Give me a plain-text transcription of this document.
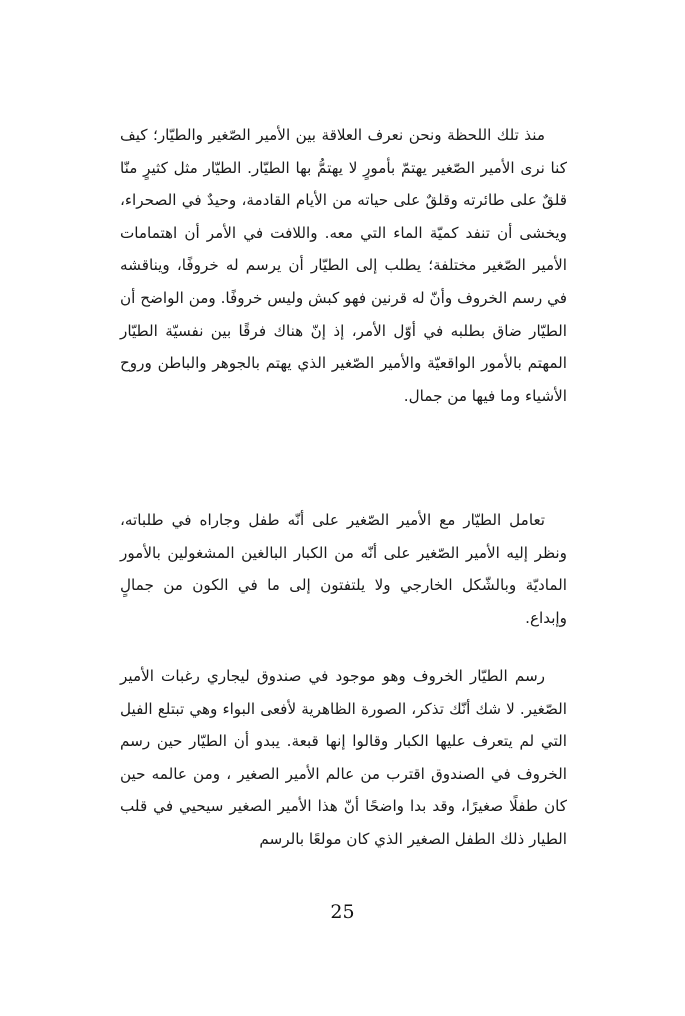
منذ تلك اللحظة ونحن نعرف العلاقة بين الأمير الصّغير والطيّار؛ كيف كنا نرى الأمير الصّغير يهتمّ بأمورٍ لا يهتمُّ بها الطيّار. الطيّار مثل كثيرٍ منّا قلقٌ على طائرته وقلقٌ على حياته من الأيام القادمة، وحيدٌ في الصحراء، ويخشى أن تنفد كميّة الماء التي معه. واللافت في الأمر أن اهتمامات الأمير الصّغير مختلفة؛ يطلب إلى الطيّار أن يرسم له خروفًا، ويناقشه في رسم الخروف وأنّ له قرنين فهو كبش وليس خروفًا. ومن الواضح أن الطيّار ضاق بطلبه في أوّل الأمر، إذ إنّ هناك فرقًا بين نفسيّة الطيّار المهتم بالأمور الواقعيّة والأمير الصّغير الذي يهتم بالجوهر والباطن وروح الأشياء وما فيها من جمال.

تعامل الطيّار مع الأمير الصّغير على أنّه طفل وجاراه في طلباته، ونظر إليه الأمير الصّغير على أنّه من الكبار البالغين المشغولين بالأمور الماديّة وبالشّكل الخارجي ولا يلتفتون إلى ما في الكون من جمالٍ وإبداع.

رسم الطيّار الخروف وهو موجود في صندوق ليجاري رغبات الأمير الصّغير. لا شك أنّك تذكر، الصورة الظاهرية لأفعى البواء وهي تبتلع الفيل التي لم يتعرف عليها الكبار وقالوا إنها قبعة. يبدو أن الطيّار حين رسم الخروف في الصندوق اقترب من عالم الأمير الصغير ، ومن عالمه حين كان طفلًا صغيرًا، وقد بدا واضحًا أنّ هذا الأمير الصغير سيحيي في قلب الطيار ذلك الطفل الصغير الذي كان مولعًا بالرسم

25
